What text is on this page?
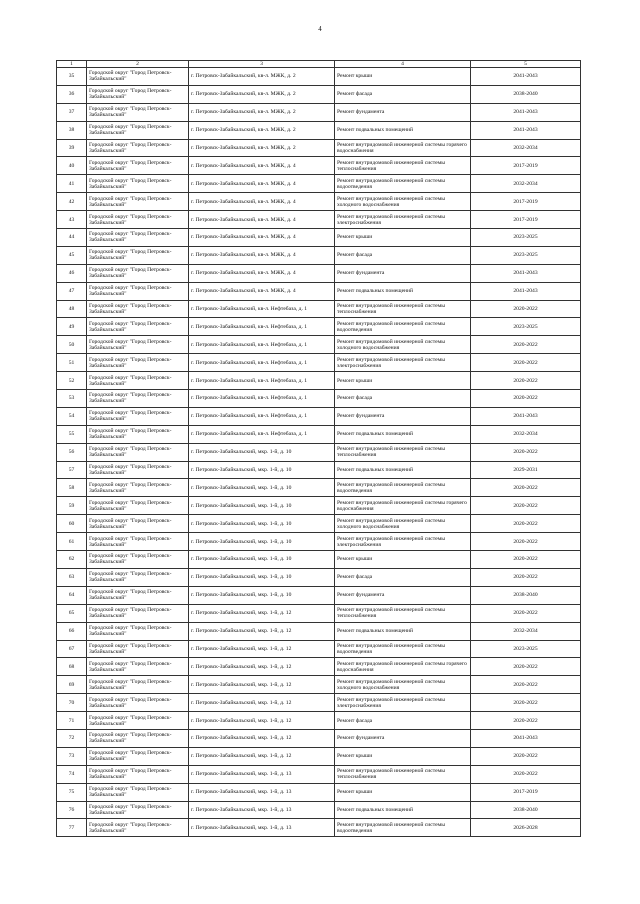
4
1	2	3	4	5
35	Городской округ "Город Петровск-Забайкальский"	г. Петровск-Забайкальский, кв-л. МЖК, д. 2	Ремонт крыши	2041-2043
36	Городской округ "Город Петровск-Забайкальский"	г. Петровск-Забайкальский, кв-л. МЖК, д. 2	Ремонт фасада	2038-2040
37	Городской округ "Город Петровск-Забайкальский"	г. Петровск-Забайкальский, кв-л. МЖК, д. 2	Ремонт фундамента	2041-2043
38	Городской округ "Город Петровск-Забайкальский"	г. Петровск-Забайкальский, кв-л. МЖК, д. 2	Ремонт подвальных помещений	2041-2043
39	Городской округ "Город Петровск-Забайкальский"	г. Петровск-Забайкальский, кв-л. МЖК, д. 2	Ремонт внутридомовой инженерной системы горячего водоснабжения	2032-2034
40	Городской округ "Город Петровск-Забайкальский"	г. Петровск-Забайкальский, кв-л. МЖК, д. 4	Ремонт внутридомовой инженерной системы теплоснабжения	2017-2019
41	Городской округ "Город Петровск-Забайкальский"	г. Петровск-Забайкальский, кв-л. МЖК, д. 4	Ремонт внутридомовой инженерной системы водоотведения	2032-2034
42	Городской округ "Город Петровск-Забайкальский"	г. Петровск-Забайкальский, кв-л. МЖК, д. 4	Ремонт внутридомовой инженерной системы холодного водоснабжения	2017-2019
43	Городской округ "Город Петровск-Забайкальский"	г. Петровск-Забайкальский, кв-л. МЖК, д. 4	Ремонт внутридомовой инженерной системы электроснабжения	2017-2019
44	Городской округ "Город Петровск-Забайкальский"	г. Петровск-Забайкальский, кв-л. МЖК, д. 4	Ремонт крыши	2023-2025
45	Городской округ "Город Петровск-Забайкальский"	г. Петровск-Забайкальский, кв-л. МЖК, д. 4	Ремонт фасада	2023-2025
46	Городской округ "Город Петровск-Забайкальский"	г. Петровск-Забайкальский, кв-л. МЖК, д. 4	Ремонт фундамента	2041-2043
47	Городской округ "Город Петровск-Забайкальский"	г. Петровск-Забайкальский, кв-л. МЖК, д. 4	Ремонт подвальных помещений	2041-2043
48	Городской округ "Город Петровск-Забайкальский"	г. Петровск-Забайкальский, кв-л. Нефтебаза, д. 1	Ремонт внутридомовой инженерной системы теплоснабжения	2020-2022
49	Городской округ "Город Петровск-Забайкальский"	г. Петровск-Забайкальский, кв-л. Нефтебаза, д. 1	Ремонт внутридомовой инженерной системы водоотведения	2023-2025
50	Городской округ "Город Петровск-Забайкальский"	г. Петровск-Забайкальский, кв-л. Нефтебаза, д. 1	Ремонт внутридомовой инженерной системы холодного водоснабжения	2020-2022
51	Городской округ "Город Петровск-Забайкальский"	г. Петровск-Забайкальский, кв-л. Нефтебаза, д. 1	Ремонт внутридомовой инженерной системы электроснабжения	2020-2022
52	Городской округ "Город Петровск-Забайкальский"	г. Петровск-Забайкальский, кв-л. Нефтебаза, д. 1	Ремонт крыши	2020-2022
53	Городской округ "Город Петровск-Забайкальский"	г. Петровск-Забайкальский, кв-л. Нефтебаза, д. 1	Ремонт фасада	2020-2022
54	Городской округ "Город Петровск-Забайкальский"	г. Петровск-Забайкальский, кв-л. Нефтебаза, д. 1	Ремонт фундамента	2041-2043
55	Городской округ "Город Петровск-Забайкальский"	г. Петровск-Забайкальский, кв-л. Нефтебаза, д. 1	Ремонт подвальных помещений	2032-2034
56	Городской округ "Город Петровск-Забайкальский"	г. Петровск-Забайкальский, мкр. 1-й, д. 10	Ремонт внутридомовой инженерной системы теплоснабжения	2020-2022
57	Городской округ "Город Петровск-Забайкальский"	г. Петровск-Забайкальский, мкр. 1-й, д. 10	Ремонт подвальных помещений	2029-2031
58	Городской округ "Город Петровск-Забайкальский"	г. Петровск-Забайкальский, мкр. 1-й, д. 10	Ремонт внутридомовой инженерной системы водоотведения	2020-2022
59	Городской округ "Город Петровск-Забайкальский"	г. Петровск-Забайкальский, мкр. 1-й, д. 10	Ремонт внутридомовой инженерной системы горячего водоснабжения	2020-2022
60	Городской округ "Город Петровск-Забайкальский"	г. Петровск-Забайкальский, мкр. 1-й, д. 10	Ремонт внутридомовой инженерной системы холодного водоснабжения	2020-2022
61	Городской округ "Город Петровск-Забайкальский"	г. Петровск-Забайкальский, мкр. 1-й, д. 10	Ремонт внутридомовой инженерной системы электроснабжения	2020-2022
62	Городской округ "Город Петровск-Забайкальский"	г. Петровск-Забайкальский, мкр. 1-й, д. 10	Ремонт крыши	2020-2022
63	Городской округ "Город Петровск-Забайкальский"	г. Петровск-Забайкальский, мкр. 1-й, д. 10	Ремонт фасада	2020-2022
64	Городской округ "Город Петровск-Забайкальский"	г. Петровск-Забайкальский, мкр. 1-й, д. 10	Ремонт фундамента	2038-2040
65	Городской округ "Город Петровск-Забайкальский"	г. Петровск-Забайкальский, мкр. 1-й, д. 12	Ремонт внутридомовой инженерной системы теплоснабжения	2020-2022
66	Городской округ "Город Петровск-Забайкальский"	г. Петровск-Забайкальский, мкр. 1-й, д. 12	Ремонт подвальных помещений	2032-2034
67	Городской округ "Город Петровск-Забайкальский"	г. Петровск-Забайкальский, мкр. 1-й, д. 12	Ремонт внутридомовой инженерной системы водоотведения	2023-2025
68	Городской округ "Город Петровск-Забайкальский"	г. Петровск-Забайкальский, мкр. 1-й, д. 12	Ремонт внутридомовой инженерной системы горячего водоснабжения	2020-2022
69	Городской округ "Город Петровск-Забайкальский"	г. Петровск-Забайкальский, мкр. 1-й, д. 12	Ремонт внутридомовой инженерной системы холодного водоснабжения	2020-2022
70	Городской округ "Город Петровск-Забайкальский"	г. Петровск-Забайкальский, мкр. 1-й, д. 12	Ремонт внутридомовой инженерной системы электроснабжения	2020-2022
71	Городской округ "Город Петровск-Забайкальский"	г. Петровск-Забайкальский, мкр. 1-й, д. 12	Ремонт фасада	2020-2022
72	Городской округ "Город Петровск-Забайкальский"	г. Петровск-Забайкальский, мкр. 1-й, д. 12	Ремонт фундамента	2041-2043
73	Городской округ "Город Петровск-Забайкальский"	г. Петровск-Забайкальский, мкр. 1-й, д. 12	Ремонт крыши	2020-2022
74	Городской округ "Город Петровск-Забайкальский"	г. Петровск-Забайкальский, мкр. 1-й, д. 13	Ремонт внутридомовой инженерной системы теплоснабжения	2020-2022
75	Городской округ "Город Петровск-Забайкальский"	г. Петровск-Забайкальский, мкр. 1-й, д. 13	Ремонт крыши	2017-2019
76	Городской округ "Город Петровск-Забайкальский"	г. Петровск-Забайкальский, мкр. 1-й, д. 13	Ремонт подвальных помещений	2038-2040
77	Городской округ "Город Петровск-Забайкальский"	г. Петровск-Забайкальский, мкр. 1-й, д. 13	Ремонт внутридомовой инженерной системы водоотведения	2026-2028
